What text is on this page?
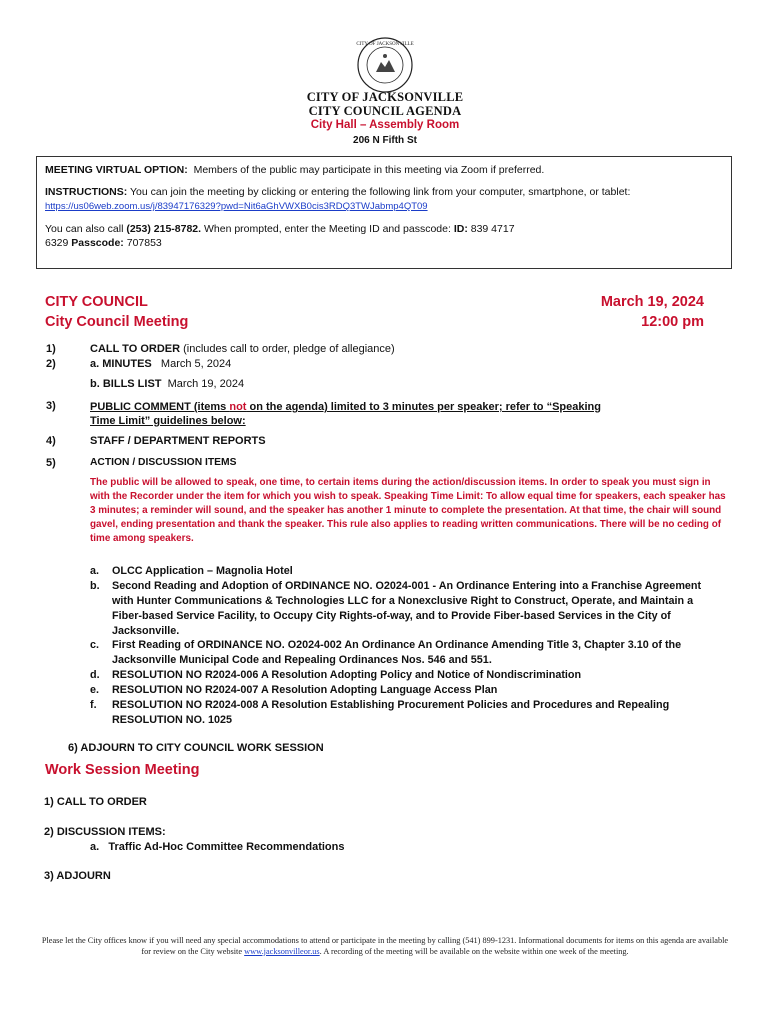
CITY OF JACKSONVILLE
CITY OF JACKSONVILLE
CITY COUNCIL AGENDA
City Hall – Assembly Room
206 N Fifth St

MEETING VIRTUAL OPTION: Members of the public may participate in this meeting via Zoom if preferred.

INSTRUCTIONS: You can join the meeting by clicking or entering the following link from your computer, smartphone, or tablet:  https://us06web.zoom.us/j/83947176329?pwd=Nit6aGhVWXB0cis3RDQ3TWJabmp4QT09

You can also call (253) 215-8782. When prompted, enter the Meeting ID and passcode: ID: 839 4717
6329 Passcode: 707853

CITY COUNCIL
City Council Meeting
March 19, 2024
12:00 pm
1)	CALL TO ORDER (includes call to order, pledge of allegiance)
2)	a. MINUTES March 5, 2024
b. BILLS LIST March 19, 2024
3)	PUBLIC COMMENT (items not on the agenda) limited to 3 minutes per speaker; refer to “Speaking
Time Limit” guidelines below:
4)	STAFF / DEPARTMENT REPORTS
5)	ACTION / DISCUSSION ITEMS
The public will be allowed to speak, one time, to certain items during the action/discussion items. In order to speak you must sign in with the Recorder under the item for which you wish to speak. Speaking Time Limit: To allow equal time for speakers, each speaker has 3 minutes; a reminder will sound, and the speaker has another 1 minute to complete the presentation. At that time, the chair will sound gavel, ending presentation and thank the speaker. This rule also applies to reading written communications. There will be no ceding of time among speakers.
a. OLCC Application – Magnolia Hotel
b. Second Reading and Adoption of ORDINANCE NO. O2024-001 - An Ordinance Entering into a Franchise Agreement with Hunter Communications & Technologies LLC for a Nonexclusive Right to Construct, Operate, and Maintain a Fiber-based Service Facility, to Occupy City Rights-of-way, and to Provide Fiber-based Services in the City of Jacksonville.
c. First Reading of ORDINANCE NO. O2024-002 An Ordinance An Ordinance Amending Title 3, Chapter 3.10 of the Jacksonville Municipal Code and Repealing Ordinances Nos. 546 and 551.
d. RESOLUTION NO R2024-006 A Resolution Adopting Policy and Notice of Nondiscrimination
e. RESOLUTION NO R2024-007 A Resolution Adopting Language Access Plan
f. RESOLUTION NO R2024-008 A Resolution Establishing Procurement Policies and Procedures and Repealing RESOLUTION NO. 1025
6) ADJOURN TO CITY COUNCIL WORK SESSION
Work Session Meeting
1) CALL TO ORDER
2) DISCUSSION ITEMS:
a. Traffic Ad-Hoc Committee Recommendations
3) ADJOURN
Please let the City offices know if you will need any special accommodations to attend or participate in the meeting by calling (541) 899-1231. Informational documents for items on this agenda are available for review on the City website www.jacksonvilleor.us. A recording of the meeting will be available on the website within one week of the meeting.
